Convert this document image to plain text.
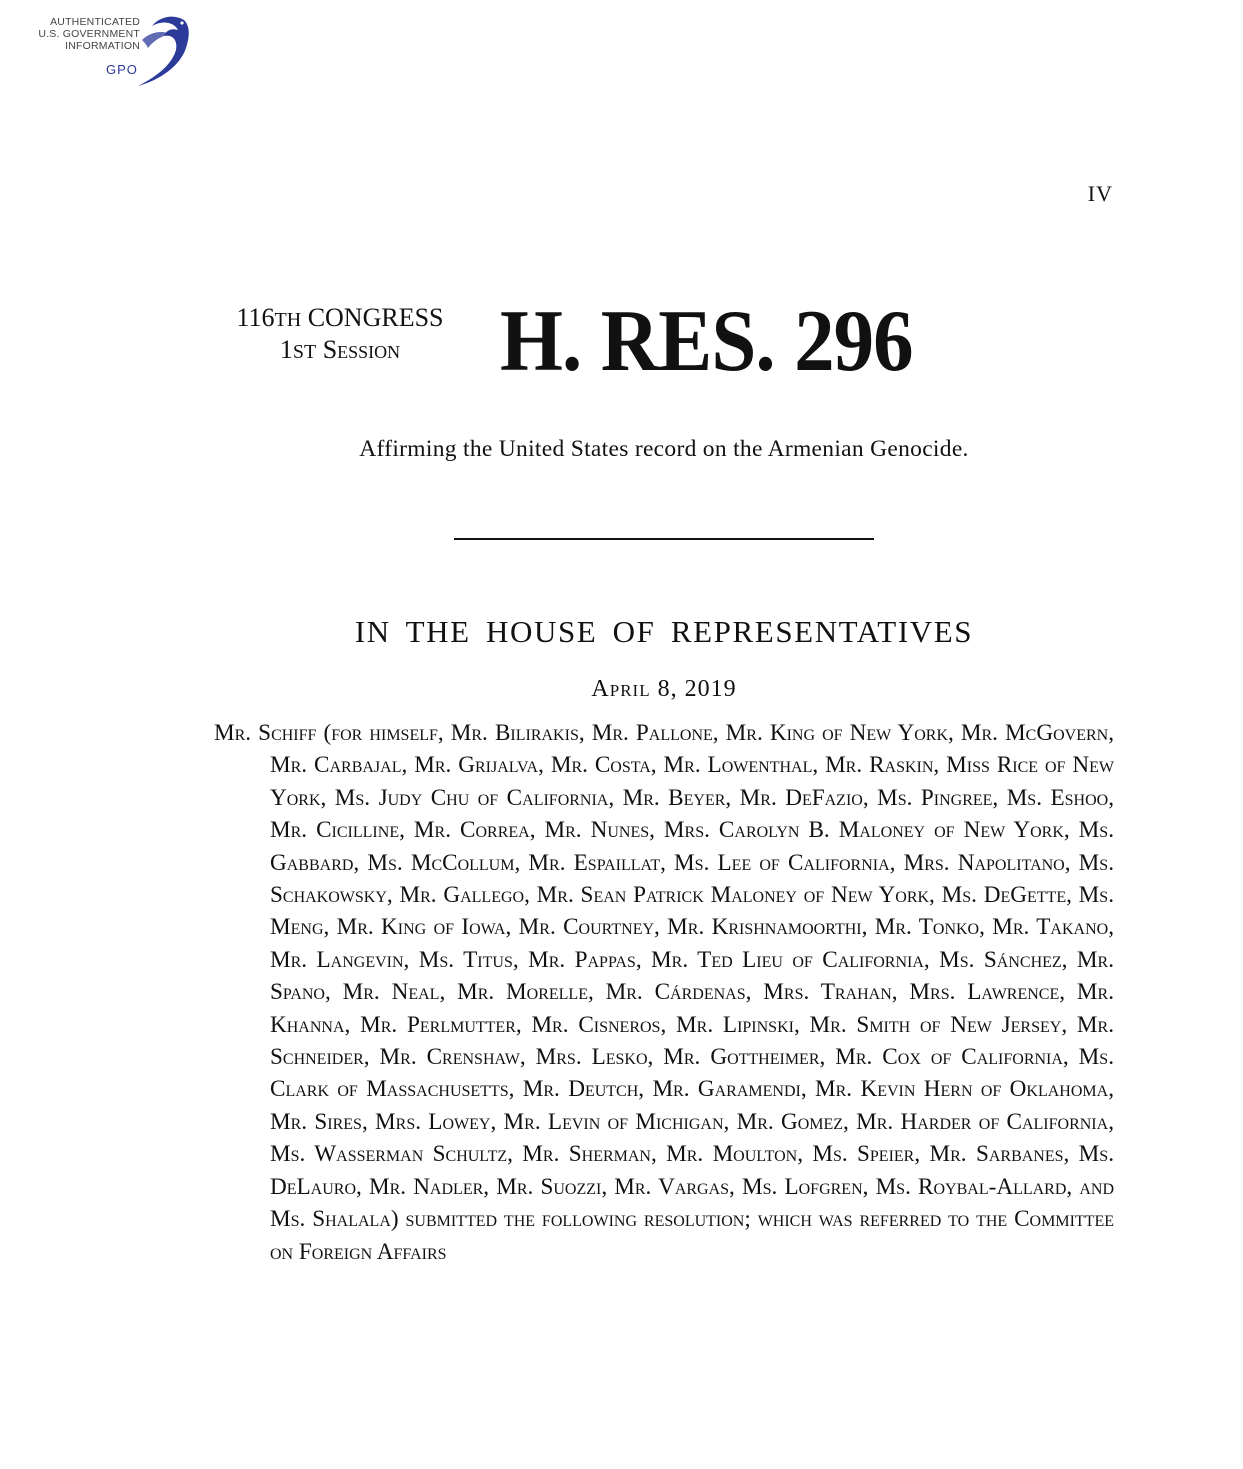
AUTHENTICATED
U.S. GOVERNMENT
INFORMATION
GPO
IV
116TH CONGRESS
1ST Session	H. RES. 296
Affirming the United States record on the Armenian Genocide.
IN THE HOUSE OF REPRESENTATIVES
April 8, 2019
Mr. Schiff (for himself, Mr. Bilirakis, Mr. Pallone, Mr. King of New York, Mr. McGovern, Mr. Carbajal, Mr. Grijalva, Mr. Costa, Mr. Lowenthal, Mr. Raskin, Miss Rice of New York, Ms. Judy Chu of California, Mr. Beyer, Mr. DeFazio, Ms. Pingree, Ms. Eshoo, Mr. Cicilline, Mr. Correa, Mr. Nunes, Mrs. Carolyn B. Maloney of New York, Ms. Gabbard, Ms. McCollum, Mr. Espaillat, Ms. Lee of California, Mrs. Napolitano, Ms. Schakowsky, Mr. Gallego, Mr. Sean Patrick Maloney of New York, Ms. DeGette, Ms. Meng, Mr. King of Iowa, Mr. Courtney, Mr. Krishnamoorthi, Mr. Tonko, Mr. Takano, Mr. Langevin, Ms. Titus, Mr. Pappas, Mr. Ted Lieu of California, Ms. Sánchez, Mr. Spano, Mr. Neal, Mr. Morelle, Mr. Cárdenas, Mrs. Trahan, Mrs. Lawrence, Mr. Khanna, Mr. Perlmutter, Mr. Cisneros, Mr. Lipinski, Mr. Smith of New Jersey, Mr. Schneider, Mr. Crenshaw, Mrs. Lesko, Mr. Gottheimer, Mr. Cox of California, Ms. Clark of Massachusetts, Mr. Deutch, Mr. Garamendi, Mr. Kevin Hern of Oklahoma, Mr. Sires, Mrs. Lowey, Mr. Levin of Michigan, Mr. Gomez, Mr. Harder of California, Ms. Wasserman Schultz, Mr. Sherman, Mr. Moulton, Ms. Speier, Mr. Sarbanes, Ms. DeLauro, Mr. Nadler, Mr. Suozzi, Mr. Vargas, Ms. Lofgren, Ms. Roybal-Allard, and Ms. Shalala) submitted the following resolution; which was referred to the Committee on Foreign Affairs
